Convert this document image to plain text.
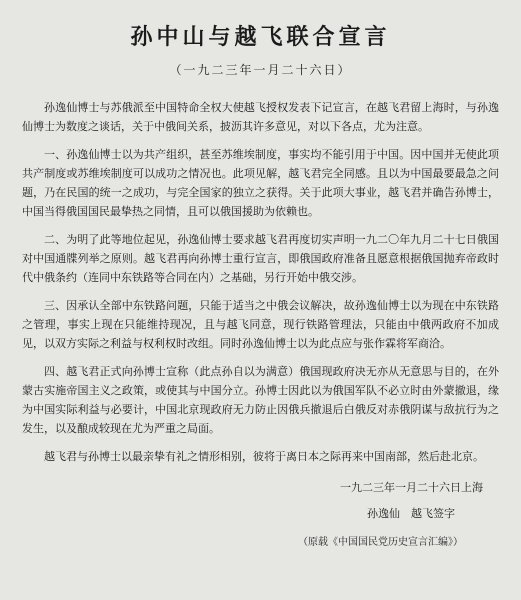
孙中山与越飞联合宣言
（一九二三年一月二十六日）

孙逸仙博士与苏俄派至中国特命全权大使越飞授权发表下记宣言，在越飞君留上海时，与孙逸仙博士为数度之谈话，关于中俄间关系，披沥其许多意见，对以下各点，尤为注意。

一、孙逸仙博士以为共产组织，甚至苏维埃制度，事实均不能引用于中国。因中国并无使此项共产制度或苏维埃制度可以成功之情况也。此项见解，越飞君完全同感。且以为中国最要最急之问题，乃在民国的统一之成功，与完全国家的独立之获得。关于此项大事业，越飞君并确告孙博士，中国当得俄国国民最挚热之同情，且可以俄国援助为依赖也。

二、为明了此等地位起见，孙逸仙博士要求越飞君再度切实声明一九二〇年九月二十七日俄国对中国通牒列举之原则。越飞君再向孙博士重行宣言，即俄国政府准备且愿意根据俄国抛弃帝政时代中俄条约（连同中东铁路等合同在内）之基础，另行开始中俄交涉。

三、因承认全部中东铁路问题，只能于适当之中俄会议解决，故孙逸仙博士以为现在中东铁路之管理，事实上现在只能维持现况，且与越飞同意，现行铁路管理法，只能由中俄两政府不加成见，以双方实际之利益与权利权时改组。同时孙逸仙博士以为此点应与张作霖将军商洽。

四、越飞君正式向孙博士宣称（此点孙自以为满意）俄国现政府决无亦从无意思与目的，在外蒙古实施帝国主义之政策，或使其与中国分立。孙博士因此以为俄国军队不必立时由外蒙撤退，缘为中国实际利益与必要计，中国北京现政府无力防止因俄兵撤退后白俄反对赤俄阴谋与敌抗行为之发生，以及酿成较现在尤为严重之局面。

越飞君与孙博士以最亲挚有礼之情形相别，彼将于离日本之际再来中国南部，然后赴北京。

一九二三年一月二十六日上海
孙逸仙　越飞签字
（原载《中国国民党历史宣言汇编》）
